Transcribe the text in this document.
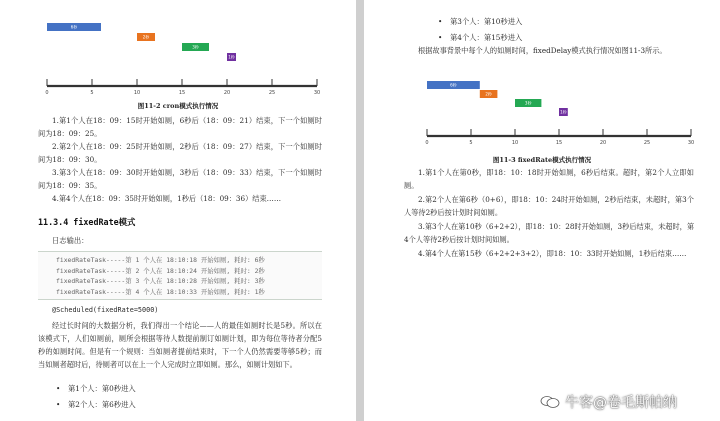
6秒
2秒
3秒
1秒
0	5	10	15	20	25	30
图11-2 cron模式执行情况
1.第1个人在18：09：15时开始如厕，6秒后（18：09：21）结束，下一个如厕时间为18：09：25。
2.第2个人在18：09：25时开始如厕，2秒后（18：09：27）结束，下一个如厕时间为18：09：30。
3.第3个人在18：09：30时开始如厕，3秒后（18：09：33）结束，下一个如厕时间为18：09：35。
4.第4个人在18：09：35时开始如厕，1秒后（18：09：36）结束……
11.3.4 fixedRate模式
日志输出：
fixedRateTask-----第 1 个人在 18:10:18 开始如厕, 耗时: 6秒
fixedRateTask-----第 2 个人在 18:10:24 开始如厕, 耗时: 2秒
fixedRateTask-----第 3 个人在 18:10:28 开始如厕, 耗时: 3秒
fixedRateTask-----第 4 个人在 18:10:33 开始如厕, 耗时: 1秒
@Scheduled(fixedRate=5000)
经过长时间的大数据分析，我们得出一个结论——人的最佳如厕时长是5秒。所以在该模式下，人们如厕前，厕所会根据等待人数提前制订如厕计划，即为每位等待者分配5秒的如厕时间。但是有一个规则：当如厕者提前结束时，下一个人仍然需要等够5秒；而当如厕者超时后，待厕者可以在上一个人完成时立即如厕。那么，如厕计划如下。
• 第1个人：第0秒进入
• 第2个人：第6秒进入
• 第3个人：第10秒进入
• 第4个人：第15秒进入
根据故事背景中每个人的如厕时间，fixedDelay模式执行情况如图11-3所示。
6秒
2秒
3秒
1秒
0	5	10	15	20	25	30
图11-3 fixedRate模式执行情况
1.第1个人在第0秒，即18：10：18时开始如厕，6秒后结束。超时，第2个人立即如厕。
2.第2个人在第6秒（0+6），即18：10：24时开始如厕，2秒后结束，未超时，第3个人等待2秒后按计划时间如厕。
3.第3个人在第10秒（6+2+2），即18：10：28时开始如厕，3秒后结束，未超时，第4个人等待2秒后按计划时间如厕。
4.第4个人在第15秒（6+2+2+3+2），即18：10：33时开始如厕，1秒后结束……
牛客@卷毛斯帕纳
